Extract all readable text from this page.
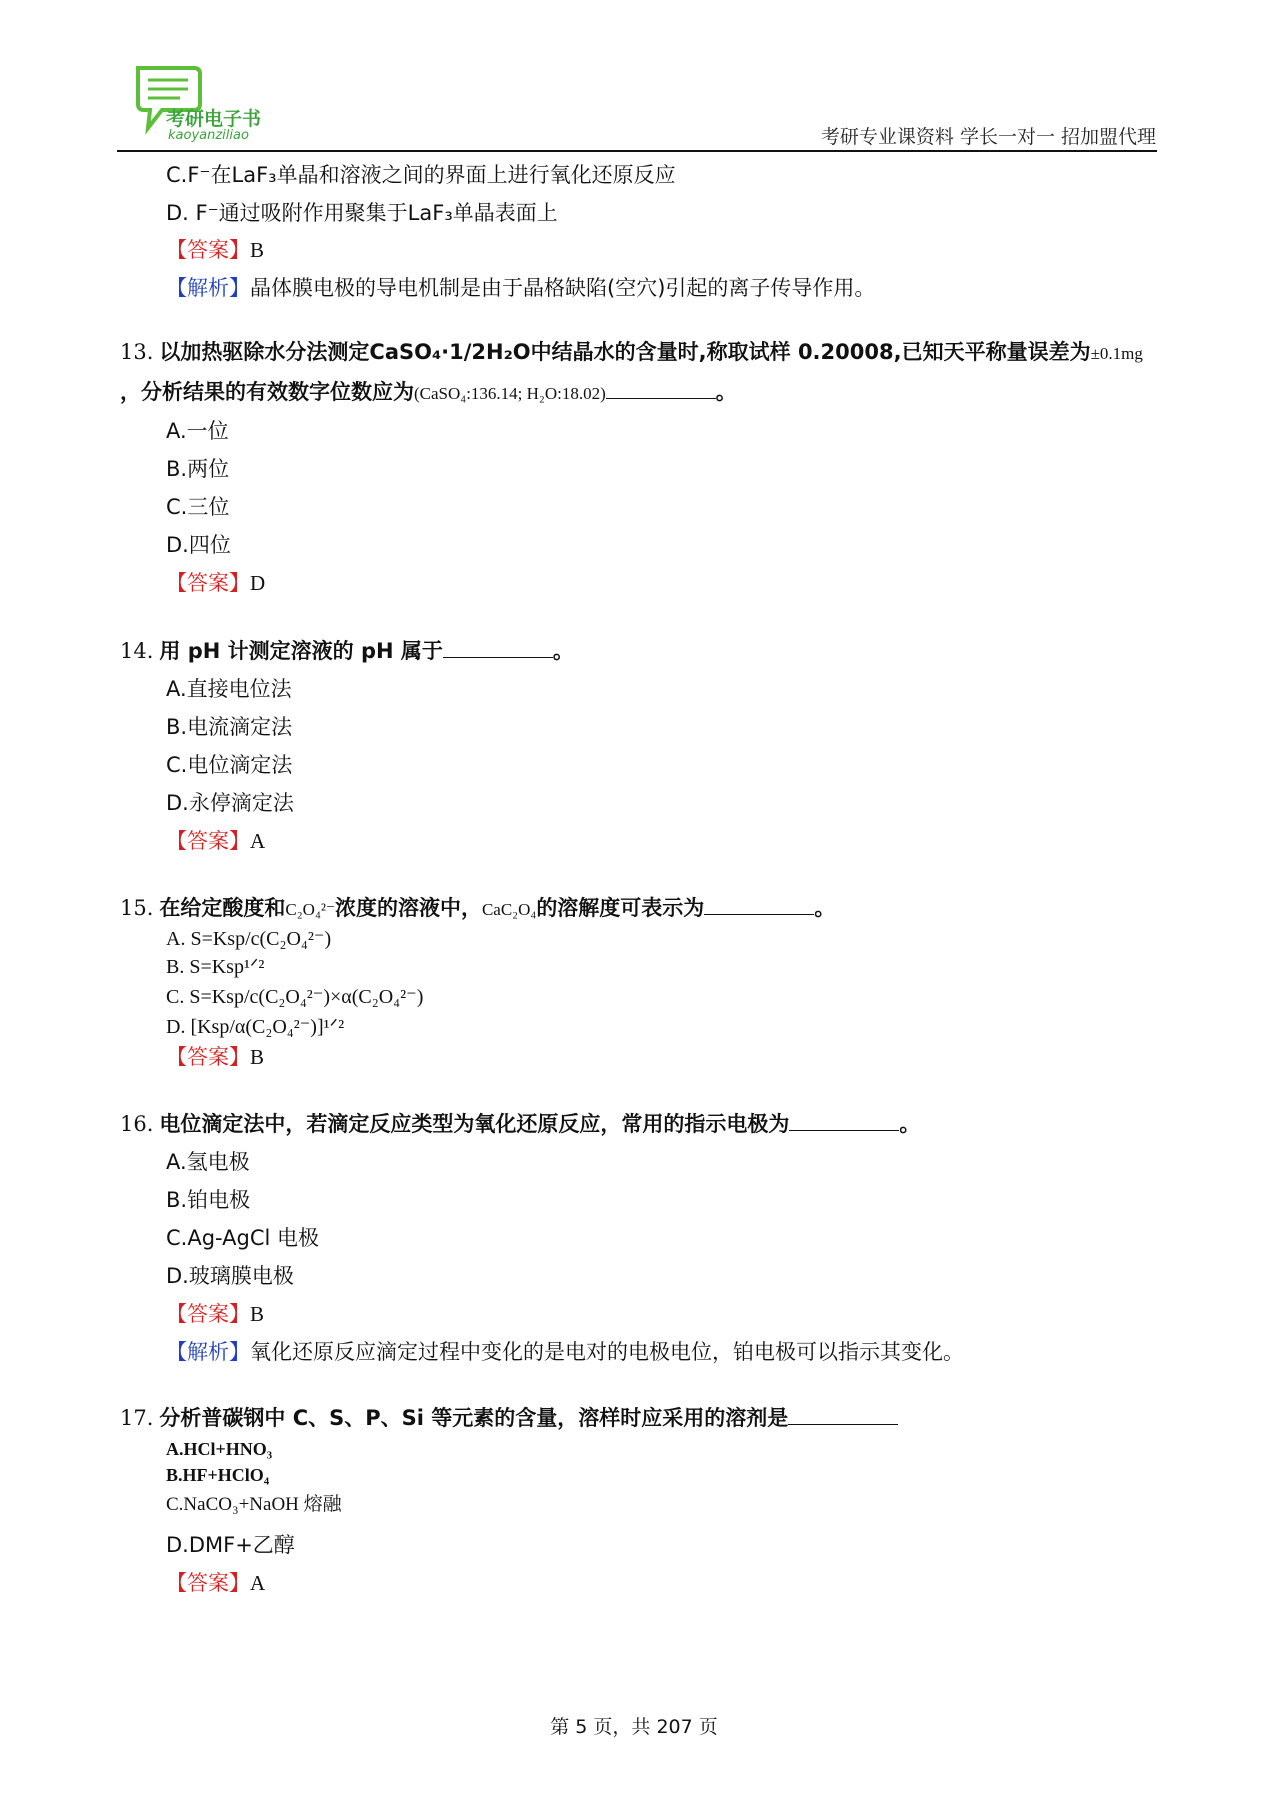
考研电子书
kaoyanziliao	考研专业课资料 学长一对一 招加盟代理
C.F⁻在LaF₃单晶和溶液之间的界面上进行氧化还原反应
D. F⁻通过吸附作用聚集于LaF₃单晶表面上
【答案】B
【解析】晶体膜电极的导电机制是由于晶格缺陷(空穴)引起的离子传导作用。
13. 以加热驱除水分法测定CaSO₄·1/2H₂O中结晶水的含量时,称取试样 0.20008,已知天平称量误差为±0.1mg
，分析结果的有效数字位数应为(CaSO₄:136.14; H₂O:18.02)	。
A.一位
B.两位
C.三位
D.四位
【答案】D
14. 用 pH 计测定溶液的 pH 属于	。
A.直接电位法
B.电流滴定法
C.电位滴定法
D.永停滴定法
【答案】A
15. 在给定酸度和C₂O₄²⁻浓度的溶液中，CaC₂O₄的溶解度可表示为	。
A. S=Ksp/c(C₂O₄²⁻)
B. S=Ksp¹ᐟ²
C. S=Ksp/c(C₂O₄²⁻)×α(C₂O₄²⁻)
D. [Ksp/α(C₂O₄²⁻)]¹ᐟ²
【答案】B
16. 电位滴定法中，若滴定反应类型为氧化还原反应，常用的指示电极为	。
A.氢电极
B.铂电极
C.Ag-AgCl 电极
D.玻璃膜电极
【答案】B
【解析】氧化还原反应滴定过程中变化的是电对的电极电位，铂电极可以指示其变化。
17. 分析普碳钢中 C、S、P、Si 等元素的含量，溶样时应采用的溶剂是
A.HCl+HNO₃
B.HF+HClO₄
C.NaCO₃+NaOH 熔融
D.DMF+乙醇
【答案】A
第 5 页，共 207 页
